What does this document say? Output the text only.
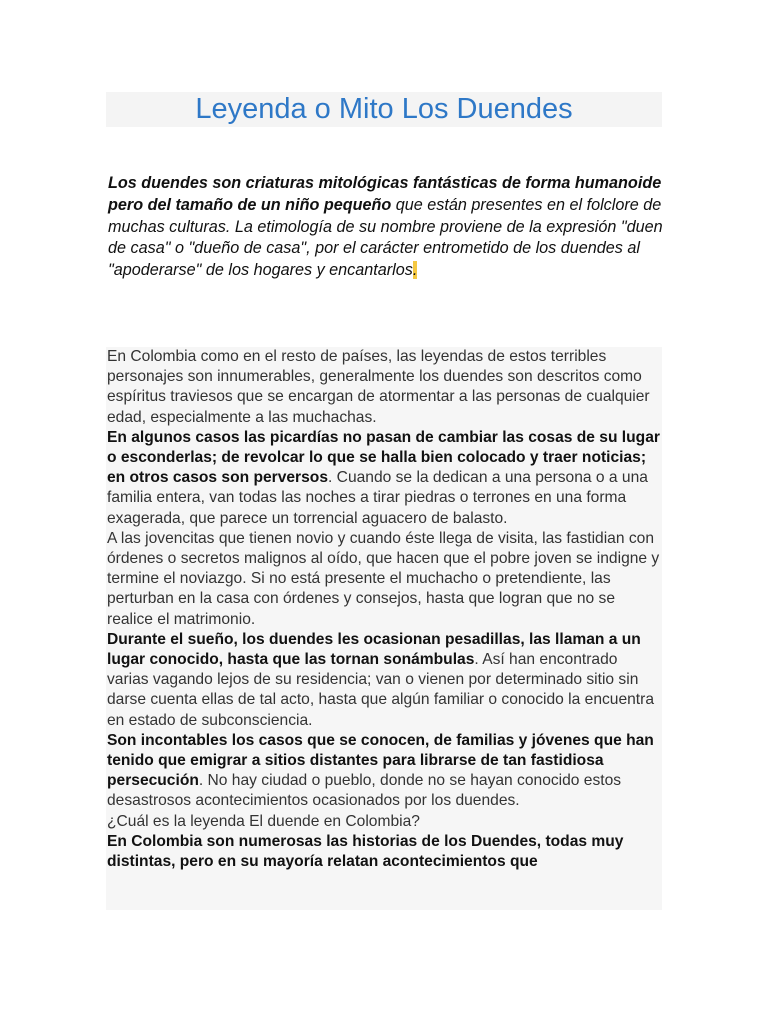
Leyenda o Mito Los Duendes
Los duendes son criaturas mitológicas fantásticas de forma humanoide pero del tamaño de un niño pequeño que están presentes en el folclore de muchas culturas. La etimología de su nombre proviene de la expresión "duen de casa" o "dueño de casa", por el carácter entrometido de los duendes al "apoderarse" de los hogares y encantarlos.
En Colombia como en el resto de países, las leyendas de estos terribles personajes son innumerables, generalmente los duendes son descritos como espíritus traviesos que se encargan de atormentar a las personas de cualquier edad, especialmente a las muchachas.
En algunos casos las picardías no pasan de cambiar las cosas de su lugar o esconderlas; de revolcar lo que se halla bien colocado y traer noticias; en otros casos son perversos. Cuando se la dedican a una persona o a una familia entera, van todas las noches a tirar piedras o terrones en una forma exagerada, que parece un torrencial aguacero de balasto.
A las jovencitas que tienen novio y cuando éste llega de visita, las fastidian con órdenes o secretos malignos al oído, que hacen que el pobre joven se indigne y termine el noviazgo. Si no está presente el muchacho o pretendiente, las perturban en la casa con órdenes y consejos, hasta que logran que no se realice el matrimonio.
Durante el sueño, los duendes les ocasionan pesadillas, las llaman a un lugar conocido, hasta que las tornan sonámbulas. Así han encontrado varias vagando lejos de su residencia; van o vienen por determinado sitio sin darse cuenta ellas de tal acto, hasta que algún familiar o conocido la encuentra en estado de subconsciencia.
Son incontables los casos que se conocen, de familias y jóvenes que han tenido que emigrar a sitios distantes para librarse de tan fastidiosa persecución. No hay ciudad o pueblo, donde no se hayan conocido estos desastrosos acontecimientos ocasionados por los duendes.
¿Cuál es la leyenda El duende en Colombia?
En Colombia son numerosas las historias de los Duendes, todas muy distintas, pero en su mayoría relatan acontecimientos que
